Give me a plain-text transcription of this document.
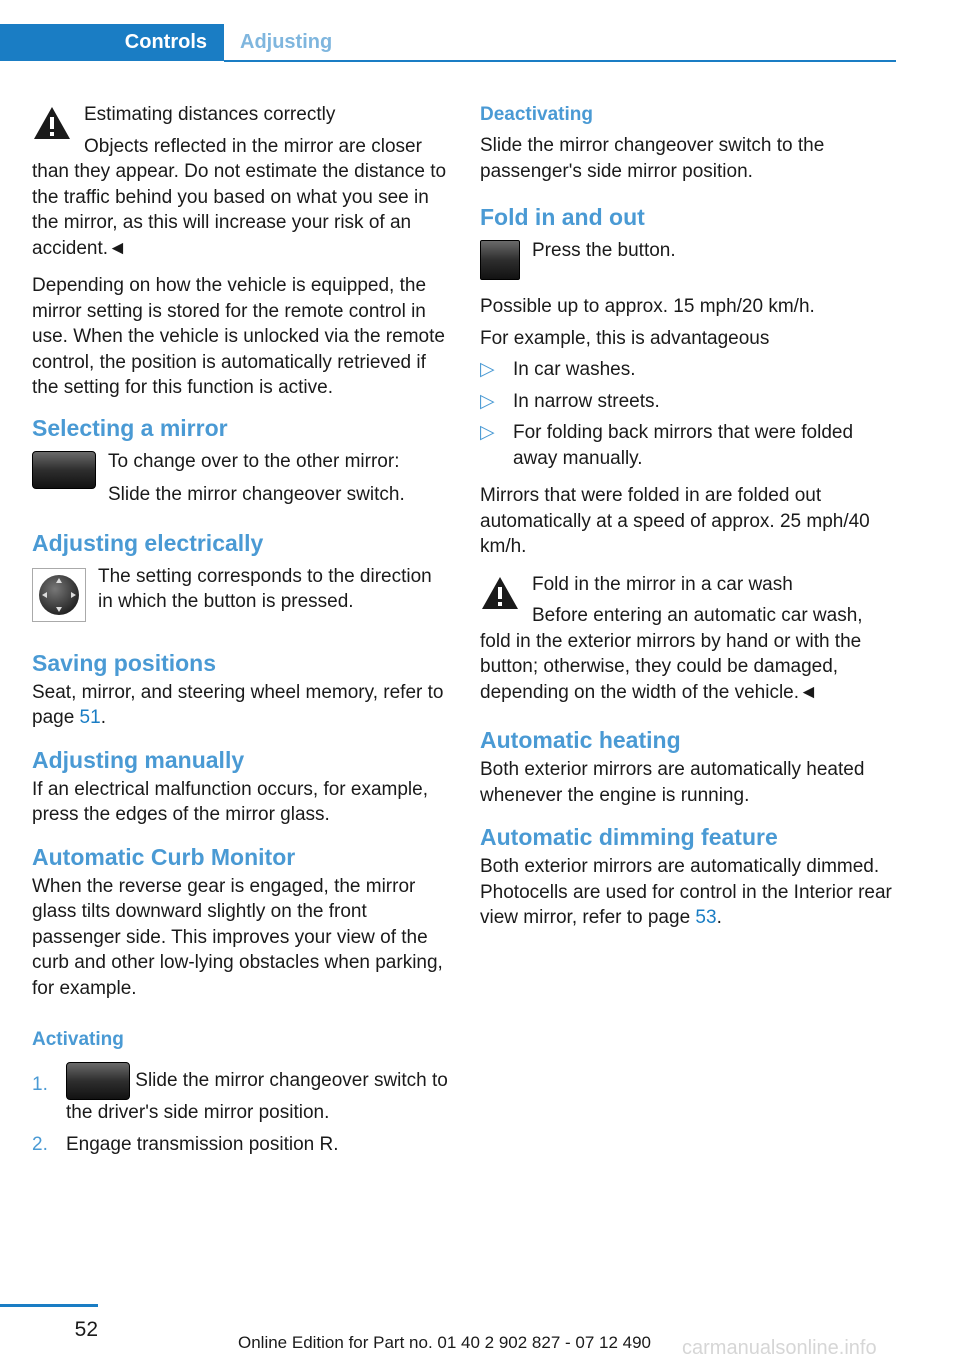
Controls	Adjusting
Estimating distances correctly
Objects reflected in the mirror are closer

than they appear. Do not estimate the distance to the traffic behind you based on what you see in the mirror, as this will increase your risk of an accident.◄

Depending on how the vehicle is equipped, the mirror setting is stored for the remote control in use. When the vehicle is unlocked via the remote control, the position is automatically retrieved if the setting for this function is active.

Selecting a mirror
To change over to the other mirror:
Slide the mirror changeover switch.
Adjusting electrically
The setting corresponds to the direction in which the button is pressed.
Saving positions

Seat, mirror, and steering wheel memory, refer to page 51.

Adjusting manually

If an electrical malfunction occurs, for example, press the edges of the mirror glass.

Automatic Curb Monitor

When the reverse gear is engaged, the mirror glass tilts downward slightly on the front passenger side. This improves your view of the curb and other low-lying obstacles when parking, for example.

Activating
1.	Slide the mirror changeover switch to the driver's side mirror position.
2. Engage transmission position R.
Deactivating

Slide the mirror changeover switch to the passenger's side mirror position.

Fold in and out
Press the button.

Possible up to approx. 15 mph/20 km/h.

For example, this is advantageous

▷ In car washes.
▷ In narrow streets.
▷ For folding back mirrors that were folded away manually.

Mirrors that were folded in are folded out automatically at a speed of approx. 25 mph/40 km/h.

Fold in the mirror in a car wash
Before entering an automatic car wash,

fold in the exterior mirrors by hand or with the button; otherwise, they could be damaged, depending on the width of the vehicle.◄

Automatic heating

Both exterior mirrors are automatically heated whenever the engine is running.

Automatic dimming feature

Both exterior mirrors are automatically dimmed. Photocells are used for control in the Interior rear view mirror, refer to page 53.

52
Online Edition for Part no. 01 40 2 902 827 - 07 12 490 carmanualsonline.info
